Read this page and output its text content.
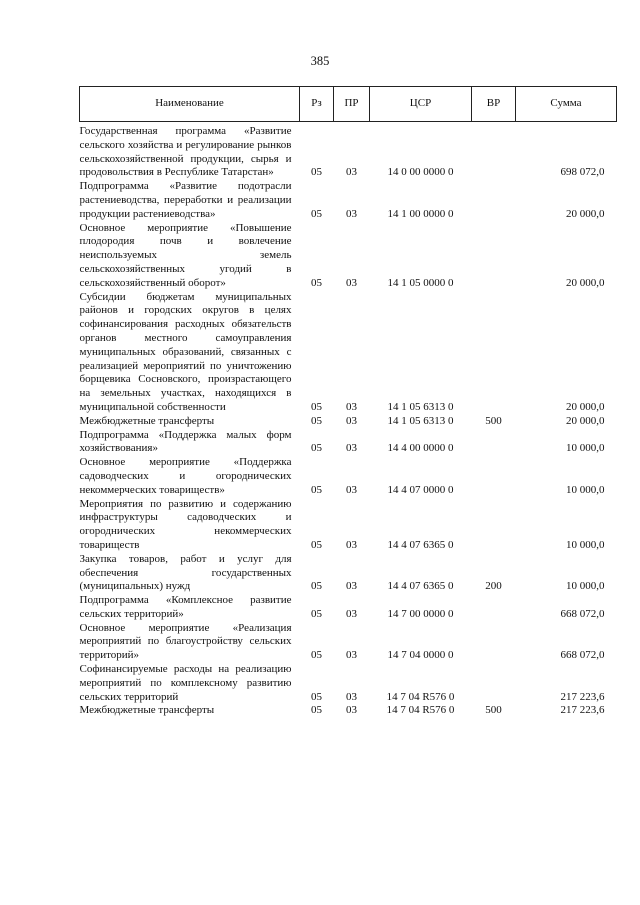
385
Наименование	Рз	ПР	ЦСР	ВР	Сумма
Государственная программа «Развитие сельского хозяйства и регулирование рынков сельскохозяйственной продукции, сырья и продовольствия в Республике Татарстан»	05	03	14 0 00 0000 0		698 072,0
Подпрограмма «Развитие подотрасли растениеводства, переработки и реализации продукции растениеводства»	05	03	14 1 00 0000 0		20 000,0
Основное мероприятие «Повышение плодородия почв и вовлечение неиспользуемых земель сельскохозяйственных угодий в сельскохозяйственный оборот»	05	03	14 1 05 0000 0		20 000,0
Субсидии бюджетам муниципальных районов и городских округов в целях софинансирования расходных обязательств органов местного самоуправления муниципальных образований, связанных с реализацией мероприятий по уничтожению борщевика Сосновского, произрастающего на земельных участках, находящихся в муниципальной собственности	05	03	14 1 05 6313 0		20 000,0
Межбюджетные трансферты	05	03	14 1 05 6313 0	500	20 000,0
Подпрограмма «Поддержка малых форм хозяйствования»	05	03	14 4 00 0000 0		10 000,0
Основное мероприятие «Поддержка садоводческих и огороднических некоммерческих товариществ»	05	03	14 4 07 0000 0		10 000,0
Мероприятия по развитию и содержанию инфраструктуры садоводческих и огороднических некоммерческих товариществ	05	03	14 4 07 6365 0		10 000,0
Закупка товаров, работ и услуг для обеспечения государственных (муниципальных) нужд	05	03	14 4 07 6365 0	200	10 000,0
Подпрограмма «Комплексное развитие сельских территорий»	05	03	14 7 00 0000 0		668 072,0
Основное мероприятие «Реализация мероприятий по благоустройству сельских территорий»	05	03	14 7 04 0000 0		668 072,0
Софинансируемые расходы на реализацию мероприятий по комплексному развитию сельских территорий	05	03	14 7 04 R576 0		217 223,6
Межбюджетные трансферты	05	03	14 7 04 R576 0	500	217 223,6
